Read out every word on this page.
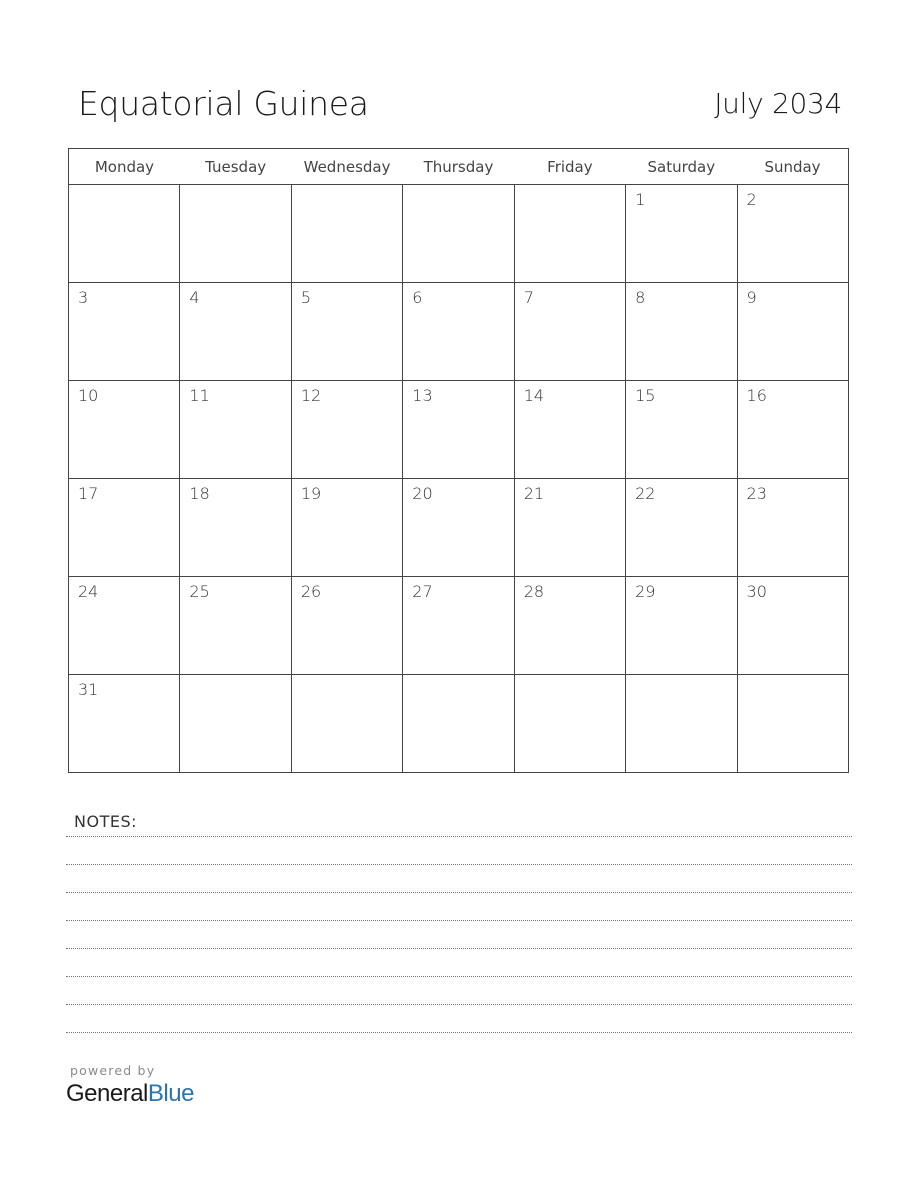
Equatorial Guinea	July 2034
Monday	Tuesday	Wednesday	Thursday	Friday	Saturday	Sunday

					1	2

3	4	5	6	7	8	9

10	11	12	13	14	15	16

17	18	19	20	21	22	23

24	25	26	27	28	29	30

31						

NOTES:
powered by
GeneralBlue
